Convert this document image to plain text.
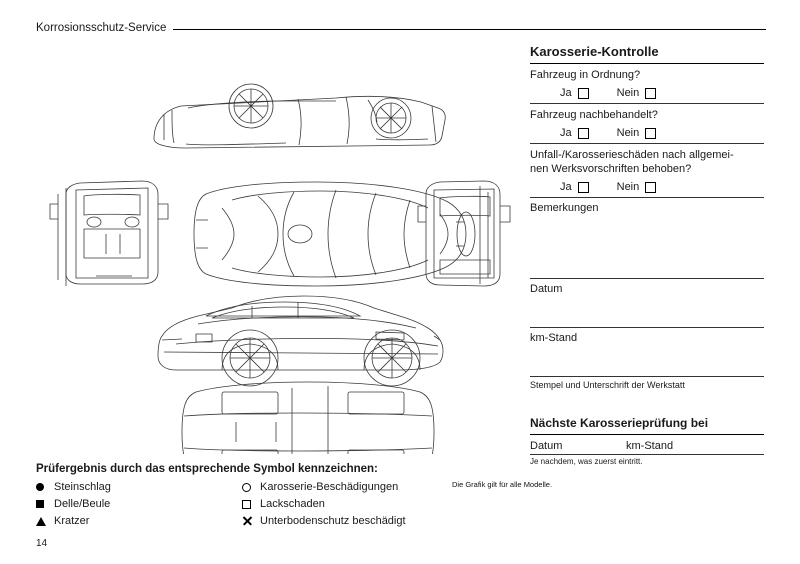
Korrosionsschutz-Service
Die Grafik gilt für alle Modelle.
Prüfergebnis durch das entsprechende Symbol kennzeichnen:
Steinschlag	Karosserie-Beschädigungen
Delle/Beule	Lackschaden
Kratzer	Unterbodenschutz beschädigt
Karosserie-Kontrolle
Fahrzeug in Ordnung?
Ja	Nein
Fahrzeug nachbehandelt?
Ja	Nein
Unfall-/Karosserieschäden nach allgemei-
nen Werksvorschriften behoben?
Ja	Nein
Bemerkungen
Datum
km-Stand
Stempel und Unterschrift der Werkstatt
Nächste Karosserieprüfung bei
Datum	km-Stand
Je nachdem, was zuerst eintritt.
14
